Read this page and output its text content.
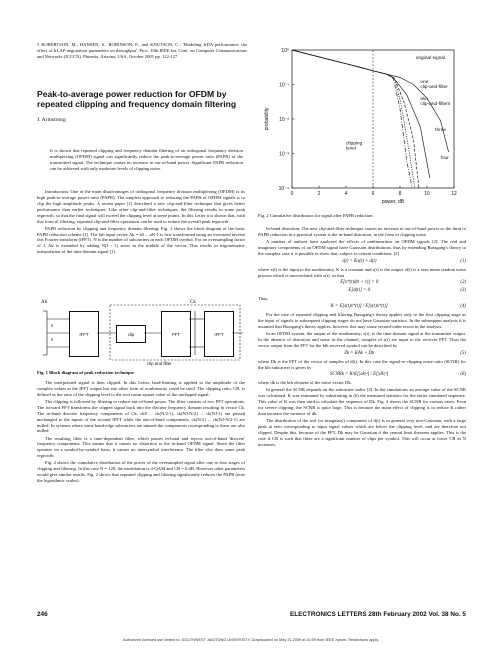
5 ROBERTSON, M., HANSEN, S., ROBINSON, F., and KNUTSON, C.: 'Modeling IrDA performance: the effect of IrLAP negotiation parameters on throughput'. Proc. 10th IEEE Int. Conf. on Computer Communications and Networks (ICCCN), Phoenix, Arizona, USA, October 2001 pp. 122-127
Peak-to-average power reduction for OFDM by repeated clipping and frequency domain filtering
J. Armstrong
It is shown that repeated clipping and frequency domain filtering of an orthogonal frequency division multiplexing (OFDM) signal can significantly reduce the peak-to-average power ratio (PAPR) of the transmitted signal. The technique causes no increase in out-of-band power. Significant PAPR reduction can be achieved with only moderate levels of clipping noise.

Introduction: One of the main disadvantages of orthogonal frequency division multiplexing (OFDM) is its high peak-to-average power ratio (PAPR). The simplest approach to reducing the PAPR of OFDM signals is to clip the high amplitude peaks. A recent paper [1] described a new clip-and-filter technique that gives better performance than earlier techniques. Like other clip-and-filter techniques, the filtering results in some peak regrowth, so that the final signal will exceed the clipping level at some points. In this Letter it is shown that, with this form of filtering, repeated clip-and-filter operations can be used to reduce the overall peak regrowth.

PAPR reduction by clipping and frequency domain filtering: Fig. 1 shows the block diagram of the basic PAPR reduction scheme [1]. The kth input vector Ak = a0 ... aN-1 is first transformed using an oversized inverse fast Fourier transform (IFFT). N is the number of subcarriers in each OFDM symbol. For an oversampling factor of J, Ak is extended by adding N(J - 1) zeros in the middle of the vector. This results in trigonometric interpolation of the time domain signal [1].

Ak	Ck
0
0
IFFT	clip	FFT	IFFT
clip and filter
Fig. 1 Block diagram of peak reduction technique

The interpolated signal is then clipped. In this Letter, hard-limiting is applied to the amplitude of the complex values at the IFFT output but any other form of nonlinearity could be used. The clipping ratio, CR, is defined as the ratio of the clipping level to the root mean square value of the unclipped signal.

The clipping is followed by filtering to reduce out-of-band power. The filter consists of two FFT operations. The forward FFT transforms the clipped signal back into the discrete frequency domain resulting in vector Ck. The in-band discrete frequency components of Ck, ck0 ... ck(N/2-1), ck(NJ-N/2) ... ck(NJ-1) are passed unchanged to the inputs of the second IFFT while the out-of-band components, ck(N/2) ... ck(NJ-N/2-1) are nulled. In systems where some band-edge subcarriers are unused the components corresponding to these are also nulled.

The resulting filter is a time-dependent filter, which passes in-band and rejects out-of-band 'discrete' frequency components. This means that it causes no distortion to the in-band OFDM signal. Since the filter operates on a symbol-by-symbol basis, it causes no intersymbol interference. The filter also does some peak regrowth.

Fig. 2 shows the cumulative distribution of the power of the oversampled signal after one to four stages of clipping and filtering. In this case N = 128, the modulation is 4-QAM and CR = 6 dB. However other parameters would give similar results. Fig. 2 shows that repeated clipping and filtering significantly reduces the PAPR (note the logarithmic scales).

0	2	4	6	8	10	12
10⁰
10⁻¹
10⁻²
10⁻³
10⁻⁴
power, dB
probability
original signal
one clip-and-filter
two clip-and-filters
three
four
clipping level
Fig. 2 Cumulative distribution for signal after PAPR reduction

In-band distortion: The new clip-and-filter technique causes no increase in out-of-band power so the limit to PAPR reduction in a practical system is the in-band distortion, in the form of clipping noise.

A number of authors have analysed the effects of nonlinearities on OFDM signals [2]. The real and imaginary components of an OFDM signal have Gaussian distributions, thus by extending Bussgang's theory to the complex case it is possible to show that, subject to certain conditions, [2]

s(t) = Kx(t) + d(t)	(1)

where x(t) is the input to the nonlinearity, K is a constant and s(t) is the output. d(t) is a zero mean random noise process which is uncorrelated with x(t), so that

E[x*(t)d(t + τ)] = 0	(2)
E[d(t)] = 0	(3)

Thus,

K = E[s(t)x*(t)] / E[x(t)x*(t)]	(4)

For the case of repeated clipping and filtering Bussgang's theory applies only to the first clipping stage as the input of signals to subsequent clipping stages do not have Gaussian statistics. In the subsequent analysis it is assumed that Bussgang's theory applies, however this may cause second-order errors in the analysis.

In an OFDM system, the output of the nonlinearity, s(t), is the time domain signal at the transmitter output. In the absence of distortion and noise in the channel, samples of s(t) are input to the receiver FFT. Thus the vector output from the FFT for the kth received symbol can be described by

Zk = KAk + Dk	(5)

where Dk is the FFT of the vector of samples of d(t). In this case the signal-to-clipping noise ratio (SCNR) for the kth subcarrier is given by

SCNRk = K²E[|ak|²] / E[|dk|²]	(6)

where dk is the kth element of the noise vector Dk.

In general the SCNR depends on the subcarrier index [2]. In the simulations an average value of the SCNR was calculated. K was estimated by substituting in (6) the measured statistics for the entire simulated sequence. This value of K was then used to calculate the sequence of Dk. Fig. 3 shows the SCNR for various cases. Even for severe clipping, the SCNR is quite large. This is because the main effect of clipping is to reduce K rather than increase the variance of dk.

The distribution of the real (or imaginary) component of d(t) is in general very non-Gaussian, with a large peak at zero corresponding to input signal values which are below the clipping level, and are therefore not clipped. Despite this, because of the FFT, Dk may be Gaussian if the central limit theorem applies. This is the case if CR is such that there are a significant number of clips per symbol. This will occur at lower CR as N increases.

246	ELECTRONICS LETTERS 28th February 2002 Vol. 38 No. 5
Authorized licensed use limited to: SOUTHWEST JIAOTONG UNIVERSITY. Downloaded on May 21,2009 at 20:59 from IEEE Xplore. Restrictions apply.
